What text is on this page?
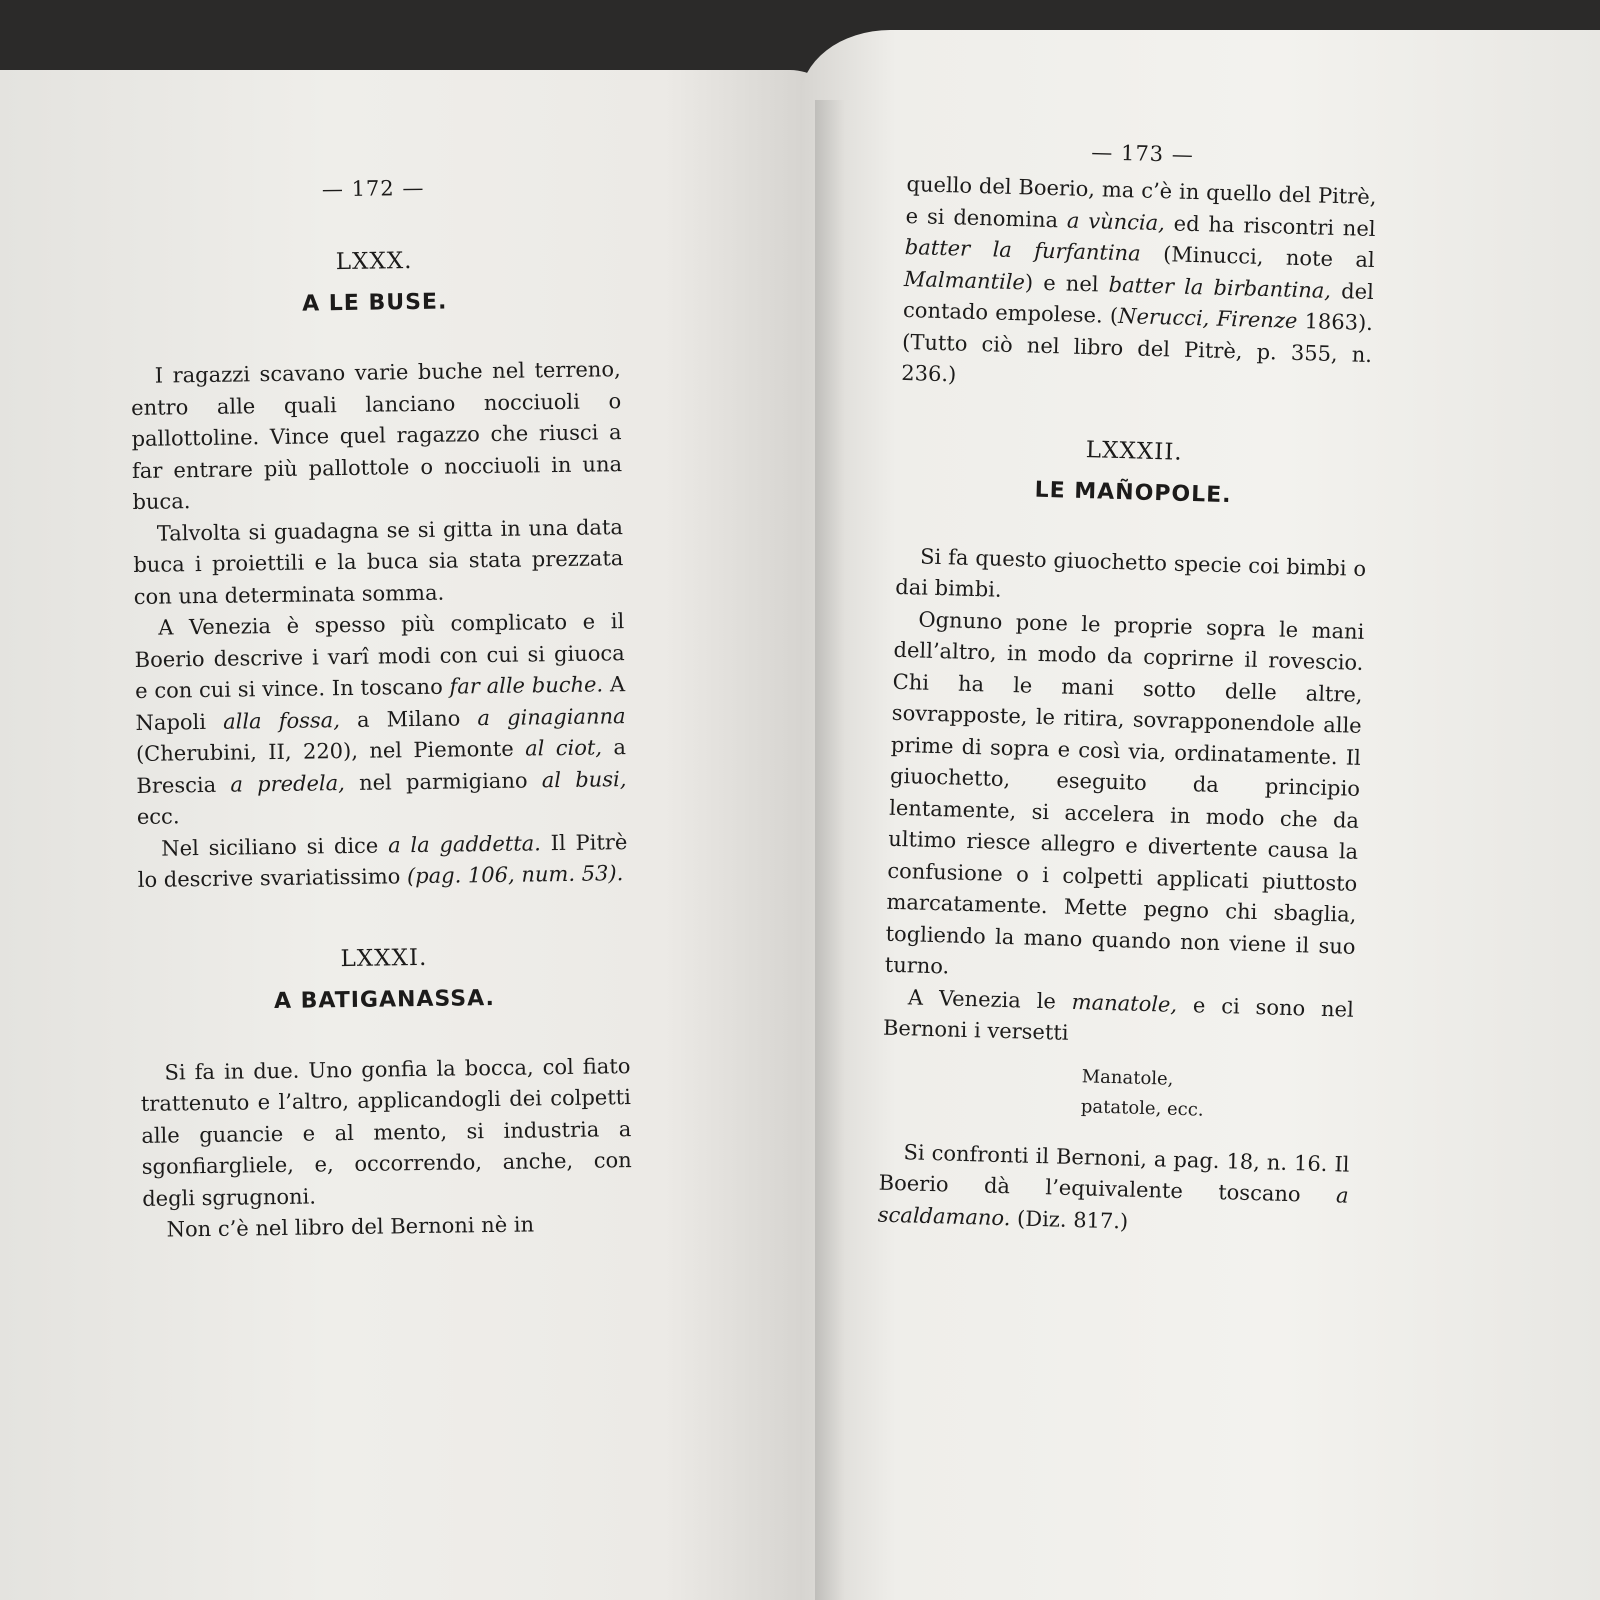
— 172 —
LXXX.
A LE BUSE.

I ragazzi scavano varie buche nel terreno, entro alle quali lanciano nocciuoli o pallottoline. Vince quel ragazzo che riusci a far entrare più pallottole o nocciuoli in una buca.

Talvolta si guadagna se si gitta in una data buca i proiettili e la buca sia stata prezzata con una determinata somma.

A Venezia è spesso più complicato e il Boerio descrive i varî modi con cui si giuoca e con cui si vince. In toscano far alle buche. A Napoli alla fossa, a Milano a ginagianna (Cherubini, II, 220), nel Piemonte al ciot, a Brescia a predela, nel parmigiano al busi, ecc.

Nel siciliano si dice a la gaddetta. Il Pitrè lo descrive svariatissimo (pag. 106, num. 53).

LXXXI.
A BATIGANASSA.

Si fa in due. Uno gonfia la bocca, col fiato trattenuto e l’altro, applicandogli dei colpetti alle guancie e al mento, si industria a sgonfiargliele, e, occorrendo, anche, con degli sgrugnoni.

Non c’è nel libro del Bernoni nè in

— 173 —

quello del Boerio, ma c’è in quello del Pitrè, e si denomina a vùncia, ed ha riscontri nel batter la furfantina (Minucci, note al Malmantile) e nel batter la birbantina, del contado empolese. (Nerucci, Firenze 1863). (Tutto ciò nel libro del Pitrè, p. 355, n. 236.)

LXXXII.
LE MAÑOPOLE.

Si fa questo giuochetto specie coi bimbi o dai bimbi.

Ognuno pone le proprie sopra le mani dell’altro, in modo da coprirne il rovescio. Chi ha le mani sotto delle altre, sovrapposte, le ritira, sovrapponendole alle prime di sopra e così via, ordinatamente. Il giuochetto, eseguito da principio lentamente, si accelera in modo che da ultimo riesce allegro e divertente causa la confusione o i colpetti applicati piuttosto marcatamente. Mette pegno chi sbaglia, togliendo la mano quando non viene il suo turno.

A Venezia le manatole, e ci sono nel Bernoni i versetti

Manatole,
patatole, ecc.

Si confronti il Bernoni, a pag. 18, n. 16. Il Boerio dà l’equivalente toscano a scaldamano. (Diz. 817.)
